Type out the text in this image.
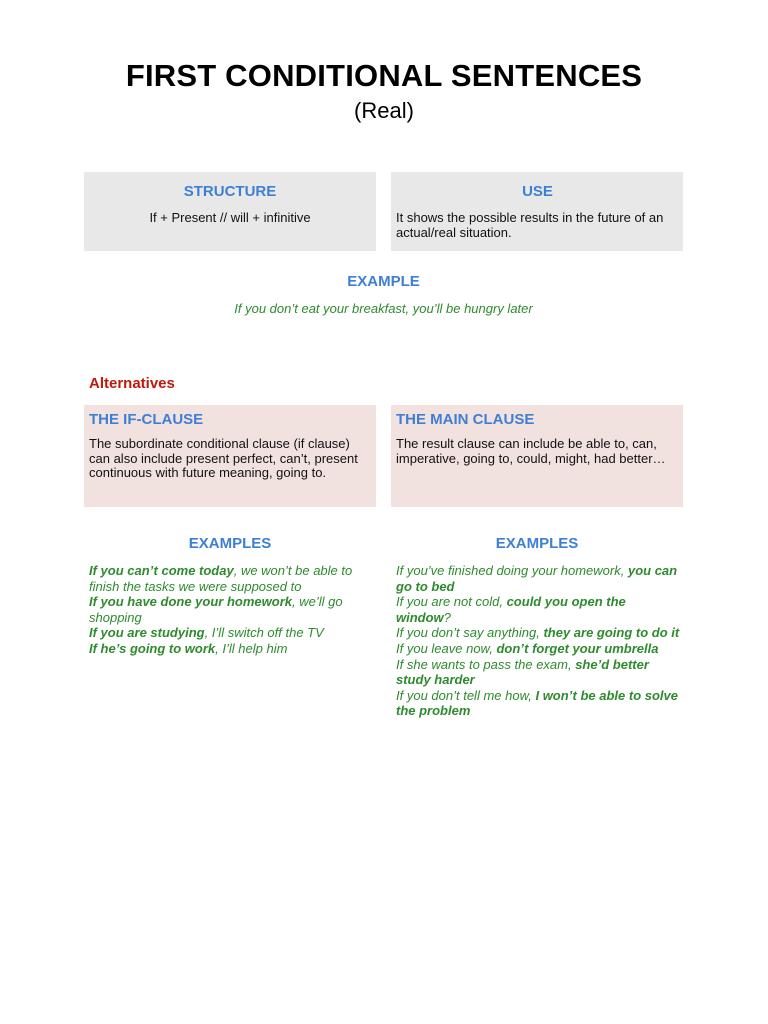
FIRST CONDITIONAL SENTENCES
(Real)
STRUCTURE
If + Present // will + infinitive
USE
It shows the possible results in the future of an actual/real situation.
EXAMPLE
If you don’t eat your breakfast, you’ll be hungry later
Alternatives
THE IF-CLAUSE
The subordinate conditional clause (if clause) can also include present perfect, can’t, present continuous with future meaning, going to.
THE MAIN CLAUSE
The result clause can include be able to, can, imperative, going to, could, might, had better…
EXAMPLES	EXAMPLES
If you can’t come today, we won’t be able to finish the tasks we were supposed to
If you have done your homework, we’ll go shopping
If you are studying, I’ll switch off the TV
If he’s going to work, I’ll help him
If you’ve finished doing your homework, you can go to bed
If you are not cold, could you open the window?
If you don’t say anything, they are going to do it
If you leave now, don’t forget your umbrella
If she wants to pass the exam, she’d better study harder
If you don’t tell me how, I won’t be able to solve the problem
